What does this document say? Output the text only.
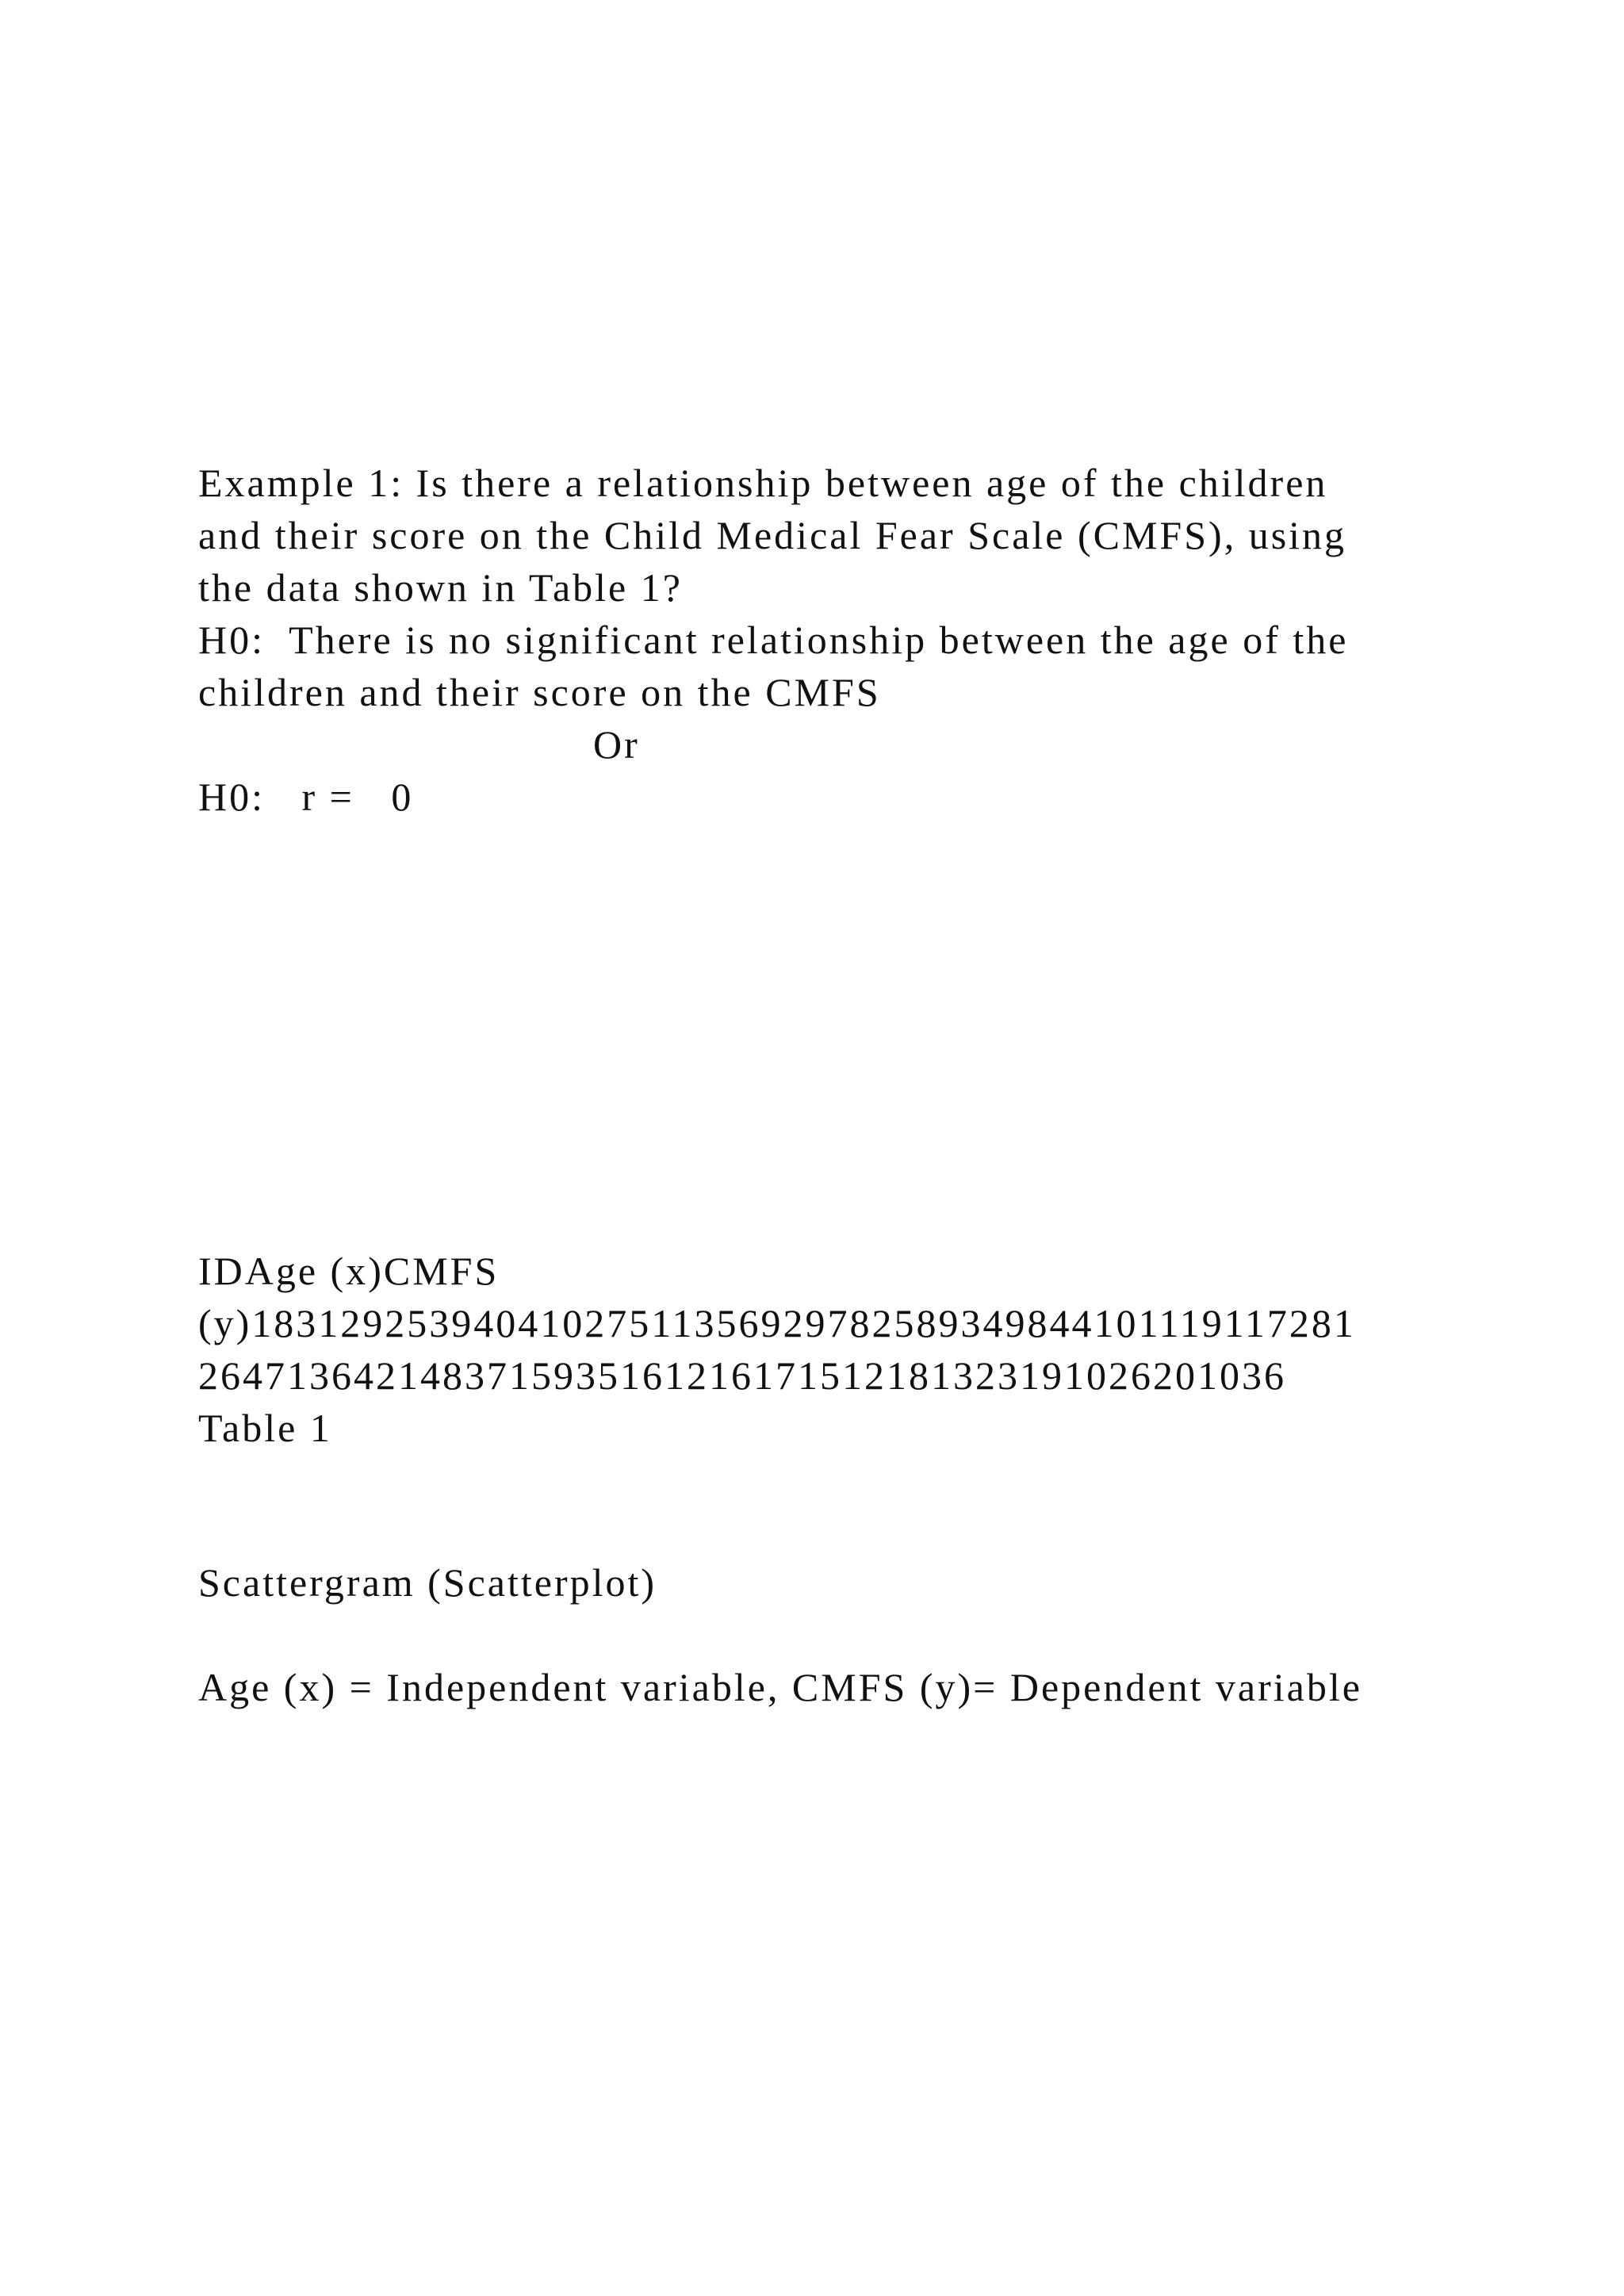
Example 1: Is there a relationship between age of the children
and their score on the Child Medical Fear Scale (CMFS), using
the data shown in Table 1?
H0:  There is no significant relationship between the age of the
children and their score on the CMFS
Or
H0:   r =   0
IDAge (x)CMFS
(y)18312925394041027511356929782589349844101119117281
2647136421483715935161216171512181323191026201036
Table 1
Scattergram (Scatterplot)
Age (x) = Independent variable, CMFS (y)= Dependent variable
